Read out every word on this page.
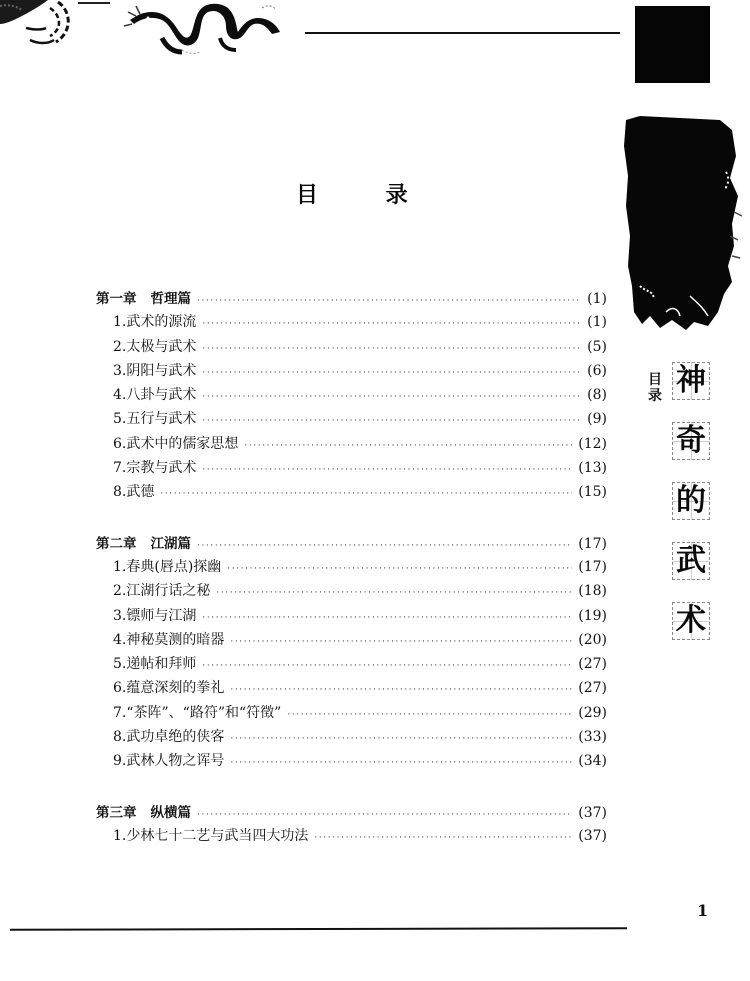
目
录 神
奇
的
武
术
目 录
第一章 哲理篇 ·····	(1)
1.武术的源流 ·····	(1)
2.太极与武术 ·····	(5)
3.阴阳与武术 ·····	(6)
4.八卦与武术 ·····	(8)
5.五行与武术 ·····	(9)
6.武术中的儒家思想 ·····	(12)
7.宗教与武术 ·····	(13)
8.武德 ·····	(15)
第二章 江湖篇 ·····	(17)
1.春典(唇点)探幽 ·····	(17)
2.江湖行话之秘 ·····	(18)
3.镖师与江湖 ·····	(19)
4.神秘莫测的暗器 ·····	(20)
5.递帖和拜师 ·····	(27)
6.蕴意深刻的拳礼 ·····	(27)
7.“茶阵”、“路符”和“符徵” ·····	(29)
8.武功卓绝的侠客 ·····	(33)
9.武林人物之诨号 ·····	(34)
第三章 纵横篇 ·····	(37)
1.少林七十二艺与武当四大功法 ·····	(37)
1
